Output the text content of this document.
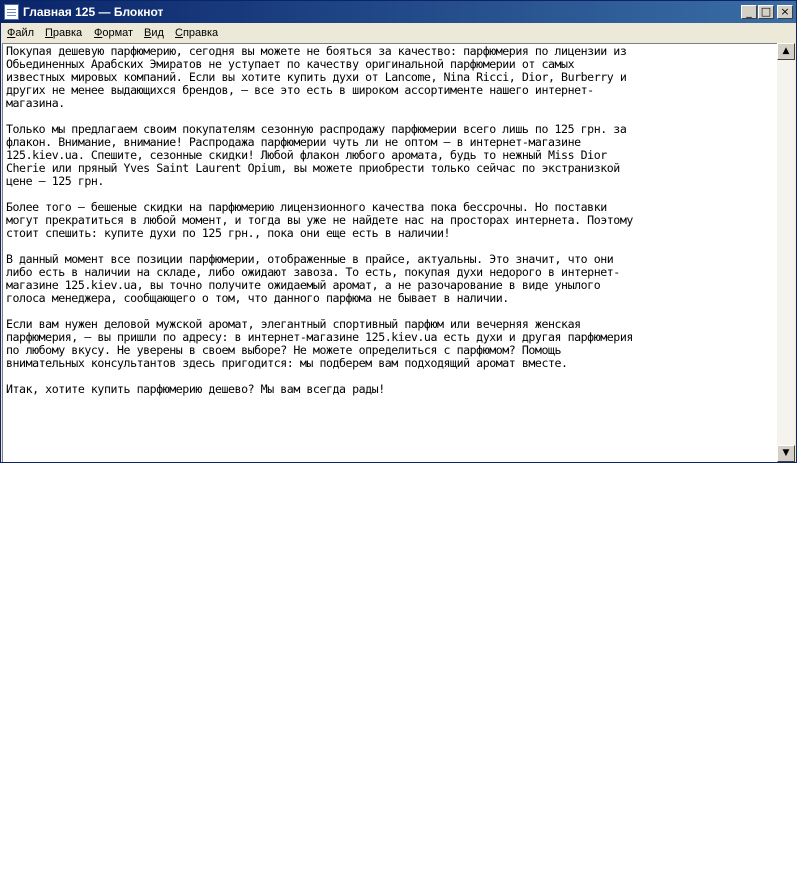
Главная 125 — Блокнот	_ □ ×
Файл Правка Формат Вид Справка
Покупая дешевую парфюмерию, сегодня вы можете не бояться за качество: парфюмерия по лицензии из
Обьединенных Арабских Эмиратов не уступает по качеству оригинальной парфюмерии от самых
известных мировых компаний. Если вы хотите купить духи от Lancome, Nina Ricci, Dior, Burberry и
других не менее выдающихся брендов, – все это есть в широком ассортименте нашего интернет-
магазина.

Только мы предлагаем своим покупателям сезонную распродажу парфюмерии всего лишь по 125 грн. за
флакон. Внимание, внимание! Распродажа парфюмерии чуть ли не оптом – в интернет-магазине
125.kiev.ua. Спешите, сезонные скидки! Любой флакон любого аромата, будь то нежный Miss Dior
Cherie или пряный Yves Saint Laurent Opium, вы можете приобрести только сейчас по экстранизкой
цене – 125 грн.

Более того – бешеные скидки на парфюмерию лицензионного качества пока бессрочны. Но поставки
могут прекратиться в любой момент, и тогда вы уже не найдете нас на просторах интернета. Поэтому
стоит спешить: купите духи по 125 грн., пока они еще есть в наличии!

В данный момент все позиции парфюмерии, отображенные в прайсе, актуальны. Это значит, что они
либо есть в наличии на складе, либо ожидают завоза. То есть, покупая духи недорого в интернет-
магазине 125.kiev.ua, вы точно получите ожидаемый аромат, а не разочарование в виде унылого
голоса менеджера, сообщающего о том, что данного парфюма не бывает в наличии.

Если вам нужен деловой мужской аромат, элегантный спортивный парфюм или вечерняя женская
парфюмерия, – вы пришли по адресу: в интернет-магазине 125.kiev.ua есть духи и другая парфюмерия
по любому вкусу. Не уверены в своем выборе? Не можете определиться с парфюмом? Помощь
внимательных консультантов здесь пригодится: мы подберем вам подходящий аромат вместе.

Итак, хотите купить парфюмерию дешево? Мы вам всегда рады!
▲
▼
